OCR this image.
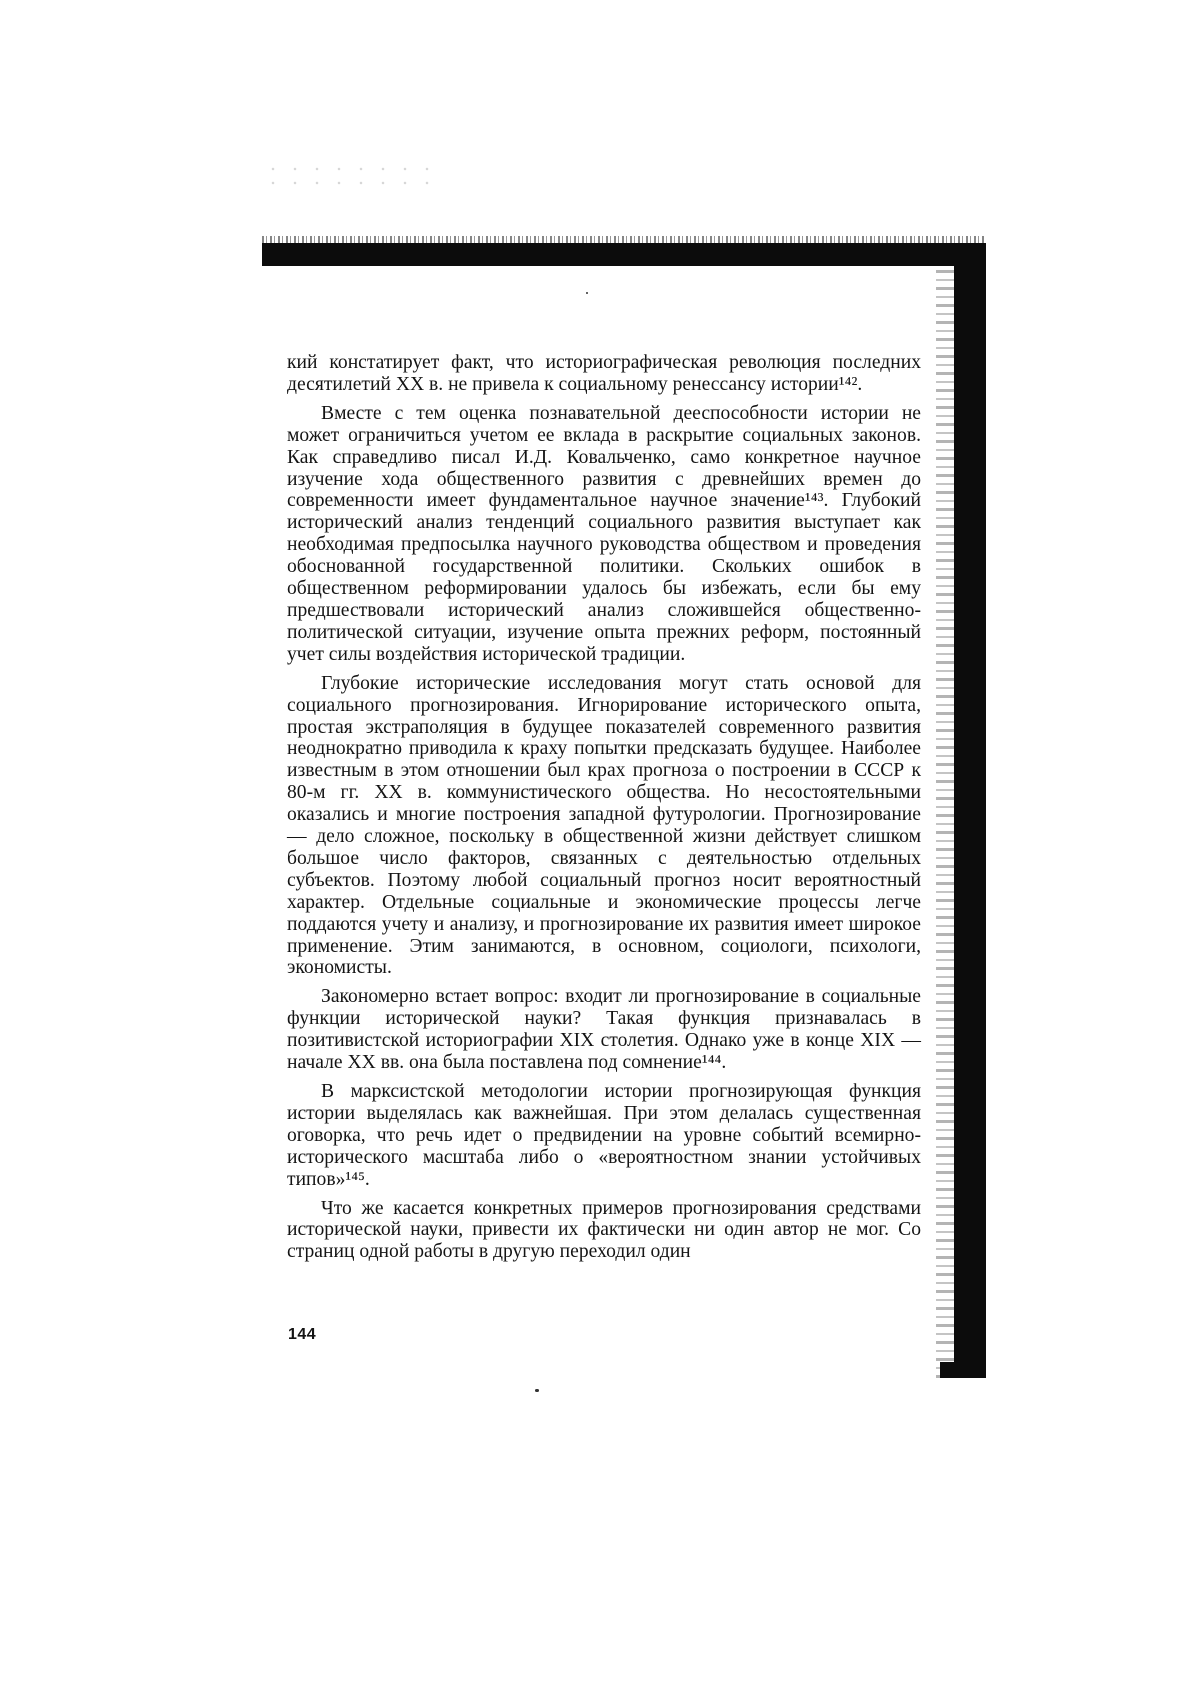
кий констатирует факт, что историографическая революция последних десятилетий XX в. не привела к социальному ренессансу истории¹⁴².

Вместе с тем оценка познавательной дееспособности истории не может ограничиться учетом ее вклада в раскрытие социальных законов. Как справедливо писал И.Д. Ковальченко, само конкретное научное изучение хода общественного развития с древнейших времен до современности имеет фундаментальное научное значение¹⁴³. Глубокий исторический анализ тенденций социального развития выступает как необходимая предпосылка научного руководства обществом и проведения обоснованной государственной политики. Скольких ошибок в общественном реформировании удалось бы избежать, если бы ему предшествовали исторический анализ сложившейся общественно-политической ситуации, изучение опыта прежних реформ, постоянный учет силы воздействия исторической традиции.

Глубокие исторические исследования могут стать основой для социального прогнозирования. Игнорирование исторического опыта, простая экстраполяция в будущее показателей современного развития неоднократно приводила к краху попытки предсказать будущее. Наиболее известным в этом отношении был крах прогноза о построении в СССР к 80-м гг. XX в. коммунистического общества. Но несостоятельными оказались и многие построения западной футурологии. Прогнозирование — дело сложное, поскольку в общественной жизни действует слишком большое число факторов, связанных с деятельностью отдельных субъектов. Поэтому любой социальный прогноз носит вероятностный характер. Отдельные социальные и экономические процессы легче поддаются учету и анализу, и прогнозирование их развития имеет широкое применение. Этим занимаются, в основном, социологи, психологи, экономисты.

Закономерно встает вопрос: входит ли прогнозирование в социальные функции исторической науки? Такая функция признавалась в позитивистской историографии XIX столетия. Однако уже в конце XIX — начале XX вв. она была поставлена под сомнение¹⁴⁴.

В марксистской методологии истории прогнозирующая функция истории выделялась как важнейшая. При этом делалась существенная оговорка, что речь идет о предвидении на уровне событий всемирно-исторического масштаба либо о «вероятностном знании устойчивых типов»¹⁴⁵.

Что же касается конкретных примеров прогнозирования средствами исторической науки, привести их фактически ни один автор не мог. Со страниц одной работы в другую переходил один

144
